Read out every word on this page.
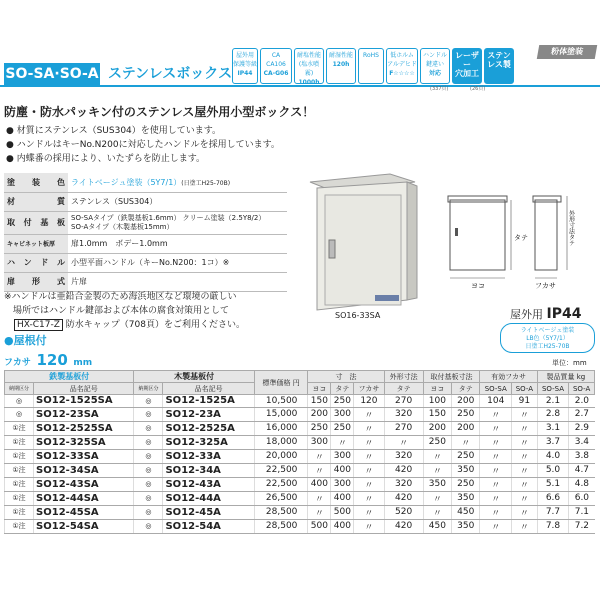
SO-SA·SO-A ステンレスボックス
屋外用
保護等級
IP44
CA
CA106
CA-G06
耐塩性能
(塩水噴霧)
1000h
耐湿性能
120h
RoHS	低ホルム
アルデヒド
F☆☆☆☆
ハンドル
鍵違い
対応
レーザー
穴加工
ステン
レス製
(337頁)	(26頁)
粉体塗装
防塵・防水パッキン付のステンレス屋外用小型ボックス！
● 材質にステンレス（SUS304）を使用しています。
● ハンドルはキーNo.N200に対応したハンドルを採用しています。
● 内蝶番の採用により、いたずらを防止します。
塗装色	ライトベージュ塗装（5Y7/1）(日塗工H25-70B)
材質	ステンレス（SUS304）
取付基板	SO-SAタイプ（鉄製基板1.6mm） クリーム塗装（2.5Y8/2）
SO-Aタイプ（木製基板15mm）

キャビネット板厚	扉1.0mm　ボデー1.0mm
ハンドル	小型平面ハンドル（キーNo.N200：1コ）※
扉形式	片扉
※ハンドルは亜鉛合金製のため海浜地区など環境の厳しい
　場所ではハンドル鍵部および本体の腐食対策用として
HX-C17-Z 防水キャップ（708頁）をご利用ください。
SO16-33SA
ヨコ
タテ
フカサ
外形寸法タテ
屋外用 IP44
ライトベージュ塗装
LB色（5Y7/1）
日塗工H25-70B
●屋根付
フカサ 120 mm	単位：mm
鉄製基板付		木製基板付		標準価格 円	寸　法			外形寸法	取付基板寸法		有効フカサ		製品質量 kg	
納期区分	品名記号	納期区分	品名記号		ヨコ	タテ	フカサ	タテ	ヨコ	タテ	SO-SA	SO-A	SO-SA	SO-A
◎	SO12-1525SA	◎	SO12-1525A	10,500	150	250	120	270	100	200	104	91	2.1	2.0
◎	SO12-23SA	◎	SO12-23A	15,000	200	300	〃	320	150	250	〃	〃	2.8	2.7
①注	SO12-2525SA	◎	SO12-2525A	16,000	250	250	〃	270	200	200	〃	〃	3.1	2.9
①注	SO12-325SA	◎	SO12-325A	18,000	300	〃	〃	〃	250	〃	〃	〃	3.7	3.4
①注	SO12-33SA	◎	SO12-33A	20,000	〃	300	〃	320	〃	250	〃	〃	4.0	3.8
①注	SO12-34SA	◎	SO12-34A	22,500	〃	400	〃	420	〃	350	〃	〃	5.0	4.7
①注	SO12-43SA	◎	SO12-43A	22,500	400	300	〃	320	350	250	〃	〃	5.1	4.8
①注	SO12-44SA	◎	SO12-44A	26,500	〃	400	〃	420	〃	350	〃	〃	6.6	6.0
①注	SO12-45SA	◎	SO12-45A	28,500	〃	500	〃	520	〃	450	〃	〃	7.7	7.1
①注	SO12-54SA	◎	SO12-54A	28,500	500	400	〃	420	450	350	〃	〃	7.8	7.2
